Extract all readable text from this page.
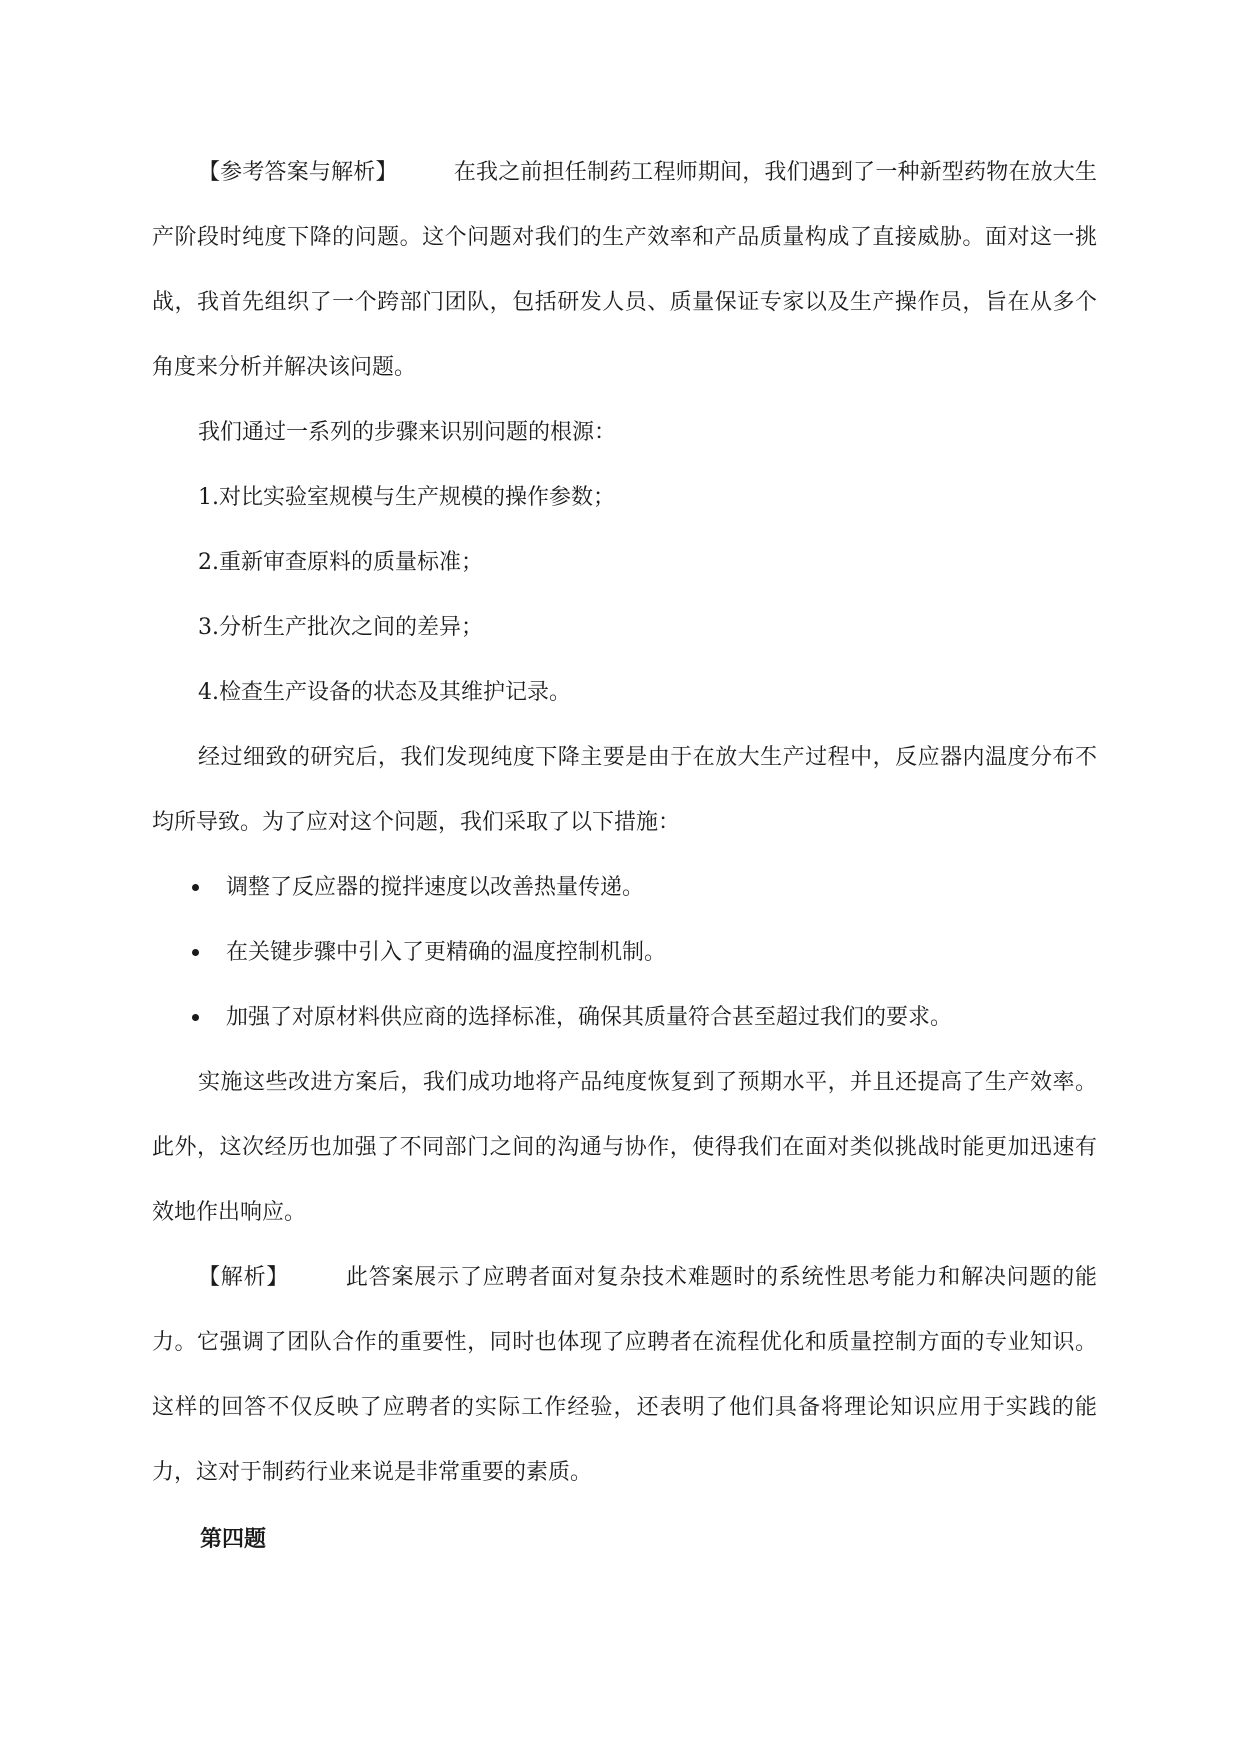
【参考答案与解析】	在我之前担任制药工程师期间，我们遇到了一种新型药物在放大生产阶段时纯度下降的问题。这个问题对我们的生产效率和产品质量构成了直接威胁。面对这一挑战，我首先组织了一个跨部门团队，包括研发人员、质量保证专家以及生产操作员，旨在从多个角度来分析并解决该问题。

我们通过一系列的步骤来识别问题的根源：

1.对比实验室规模与生产规模的操作参数；

2.重新审查原料的质量标准；

3.分析生产批次之间的差异；

4.检查生产设备的状态及其维护记录。

经过细致的研究后，我们发现纯度下降主要是由于在放大生产过程中，反应器内温度分布不均所导致。为了应对这个问题，我们采取了以下措施：

调整了反应器的搅拌速度以改善热量传递。
在关键步骤中引入了更精确的温度控制机制。
加强了对原材料供应商的选择标准，确保其质量符合甚至超过我们的要求。

实施这些改进方案后，我们成功地将产品纯度恢复到了预期水平，并且还提高了生产效率。此外，这次经历也加强了不同部门之间的沟通与协作，使得我们在面对类似挑战时能更加迅速有效地作出响应。

【解析】	此答案展示了应聘者面对复杂技术难题时的系统性思考能力和解决问题的能力。它强调了团队合作的重要性，同时也体现了应聘者在流程优化和质量控制方面的专业知识。这样的回答不仅反映了应聘者的实际工作经验，还表明了他们具备将理论知识应用于实践的能力，这对于制药行业来说是非常重要的素质。

第四题
